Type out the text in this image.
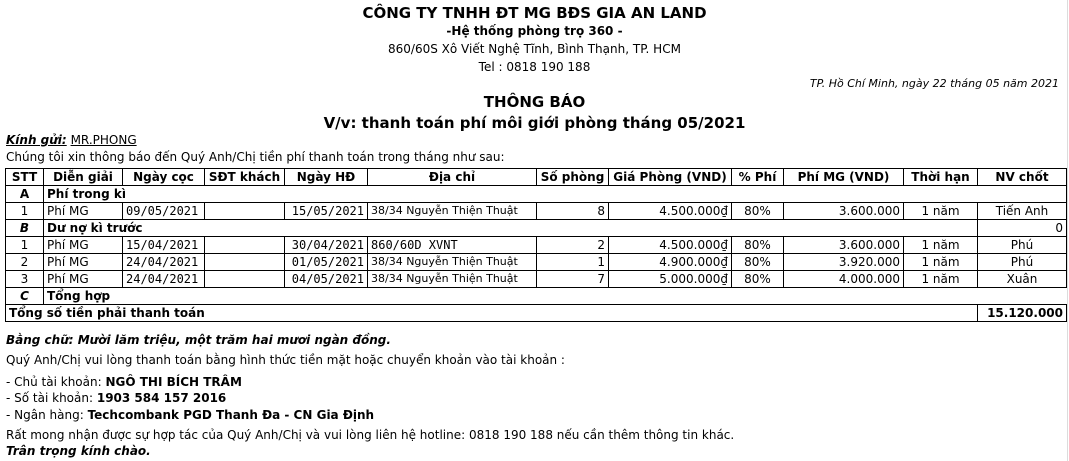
CÔNG TY TNHH ĐT MG BĐS GIA AN LAND
-Hệ thống phòng trọ 360 -
860/60S Xô Viết Nghệ Tĩnh, Bình Thạnh, TP. HCM
Tel : 0818 190 188
TP. Hồ Chí Minh, ngày 22 tháng 05 năm 2021
THÔNG BÁO
V/v: thanh toán phí môi giới phòng tháng 05/2021
Kính gửi: MR.PHONG
Chúng tôi xin thông báo đến Quý Anh/Chị tiền phí thanh toán trong tháng như sau:
STT	Diễn giải	Ngày cọc	SĐT khách	Ngày HĐ	Địa chỉ	Số phòng	Giá Phòng (VND)	% Phí	Phí MG (VND)	Thời hạn	NV chốt
A	Phí trong kì										
1	Phí MG	09/05/2021		15/05/2021	38/34 Nguyễn Thiện Thuật	8	4.500.000₫	80%	3.600.000	1 năm	Tiến Anh
B	Dư nợ kì trước										0
1	Phí MG	15/04/2021		30/04/2021	860/60D XVNT	2	4.500.000₫	80%	3.600.000	1 năm	Phú
2	Phí MG	24/04/2021		01/05/2021	38/34 Nguyễn Thiện Thuật	1	4.900.000₫	80%	3.920.000	1 năm	Phú
3	Phí MG	24/04/2021		04/05/2021	38/34 Nguyễn Thiện Thuật	7	5.000.000₫	80%	4.000.000	1 năm	Xuân
C	Tổng hợp										
Tổng số tiền phải thanh toán											15.120.000
Bằng chữ: Mười lăm triệu, một trăm hai mươi ngàn đồng.
Quý Anh/Chị vui lòng thanh toán bằng hình thức tiền mặt hoặc chuyển khoản vào tài khoản :
- Chủ tài khoản: NGÔ THI BÍCH TRÂM
- Số tài khoản: 1903 584 157 2016
- Ngân hàng: Techcombank PGD Thanh Đa - CN Gia Định
Rất mong nhận được sự hợp tác của Quý Anh/Chị và vui lòng liên hệ hotline: 0818 190 188 nếu cần thêm thông tin khác.
Trân trọng kính chào.
